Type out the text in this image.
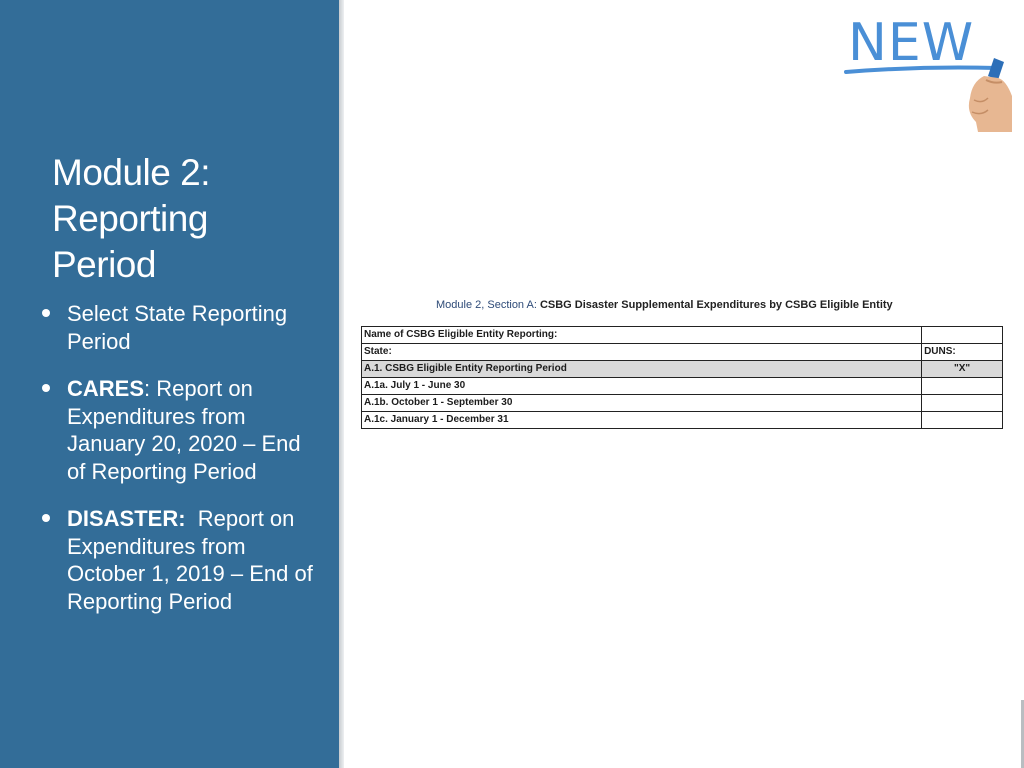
Module 2:
Reporting
Period
Select State Reporting Period
CARES: Report on Expenditures from January 20, 2020 – End of Reporting Period
DISASTER:  Report on Expenditures from October 1, 2019 – End of Reporting Period
NEW
Module 2, Section A: CSBG Disaster Supplemental Expenditures by CSBG Eligible Entity
Name of CSBG Eligible Entity Reporting:	
State:	DUNS:
A.1. CSBG Eligible Entity Reporting Period	"X"
A.1a. July 1 - June 30	
A.1b. October 1 - September 30	
A.1c. January 1 - December 31	
